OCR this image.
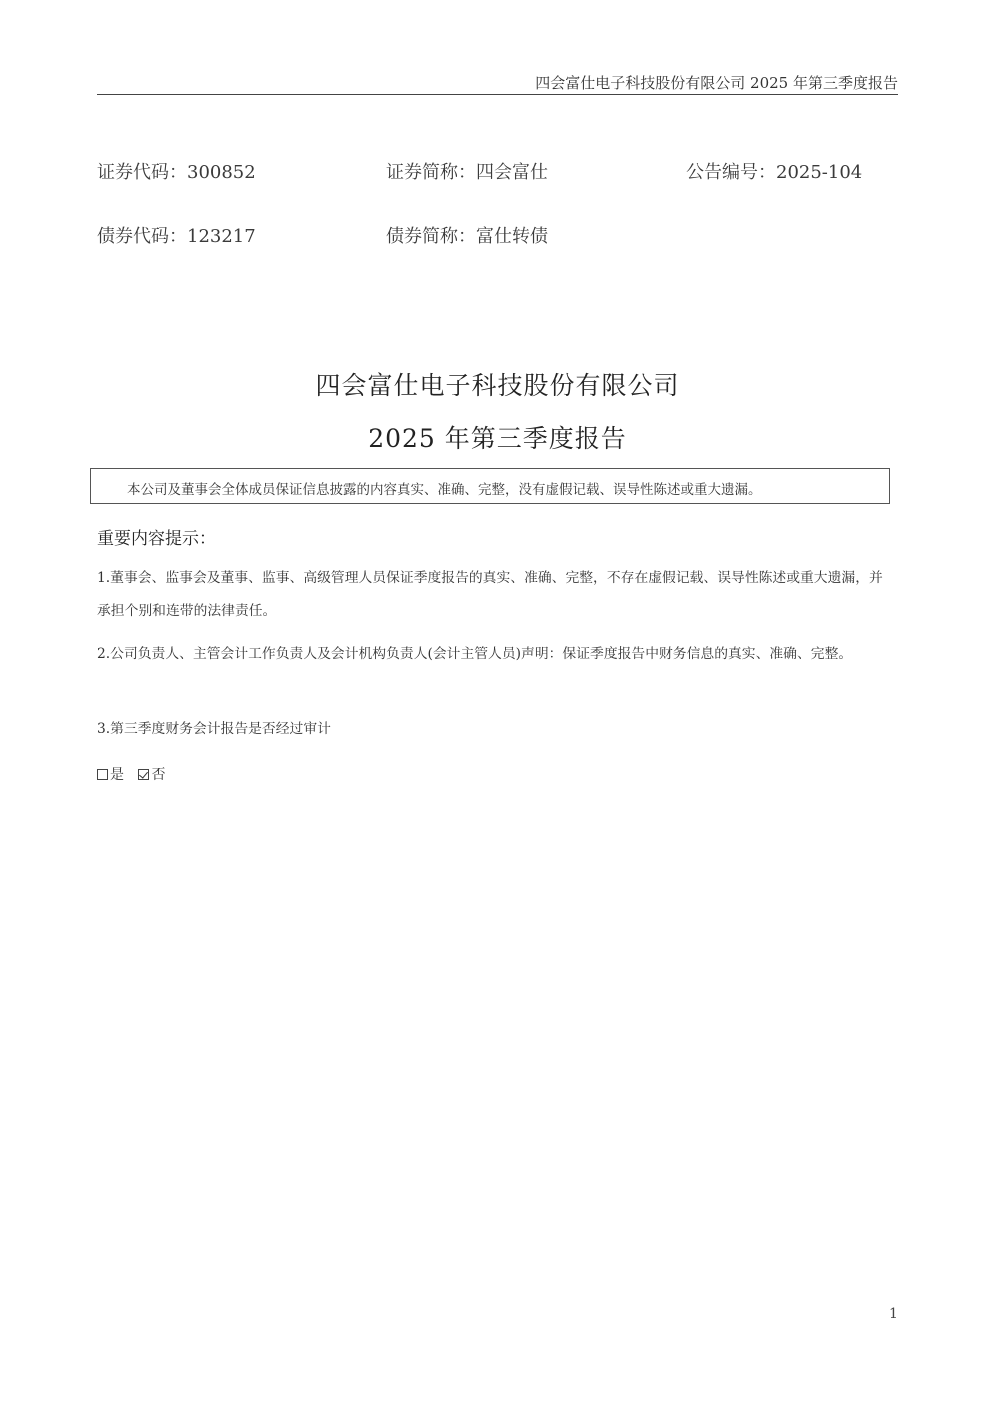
四会富仕电子科技股份有限公司 2025 年第三季度报告
证券代码：300852	证券简称：四会富仕	公告编号：2025-104
债券代码：123217	债券简称：富仕转债
四会富仕电子科技股份有限公司
2025 年第三季度报告
本公司及董事会全体成员保证信息披露的内容真实、准确、完整，没有虚假记载、误导性陈述或重大遗漏。
重要内容提示：
1.董事会、监事会及董事、监事、高级管理人员保证季度报告的真实、准确、完整，不存在虚假记载、误导性陈述或重大遗漏，并承担个别和连带的法律责任。
2.公司负责人、主管会计工作负责人及会计机构负责人(会计主管人员)声明：保证季度报告中财务信息的真实、准确、完整。
3.第三季度财务会计报告是否经过审计
是 否
1
